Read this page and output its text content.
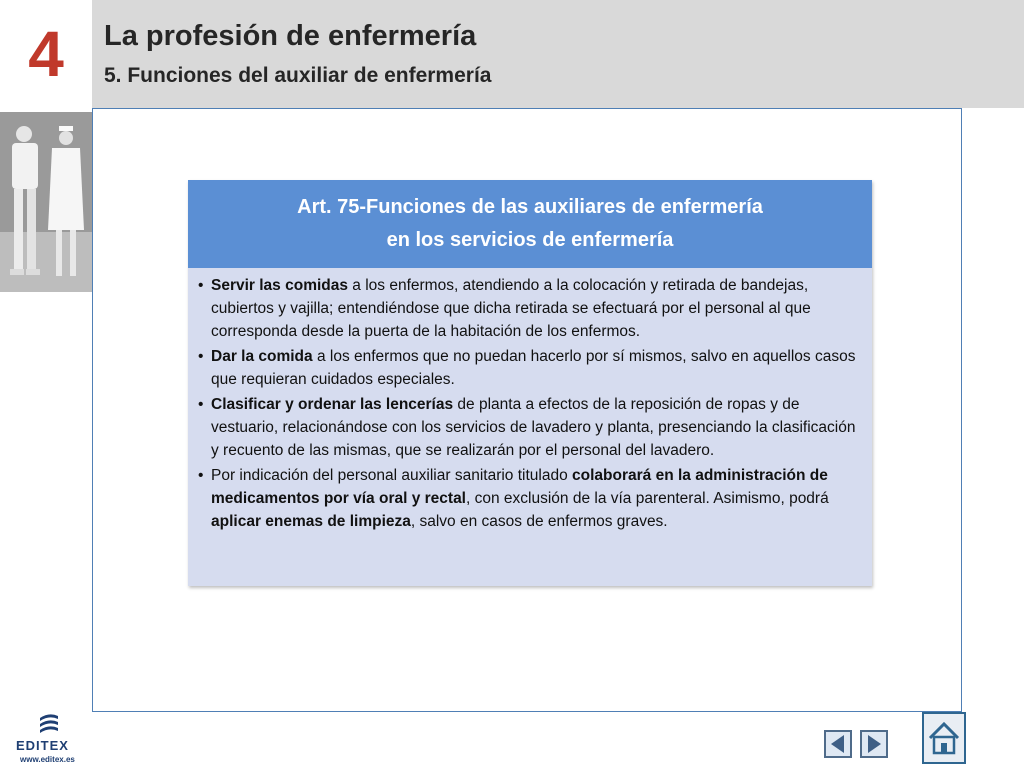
4	La profesión de enfermería
5. Funciones del auxiliar de enfermería
Art. 75-Funciones de las auxiliares de enfermería
en los servicios de enfermería
• Servir las comidas a los enfermos, atendiendo a la colocación y retirada de bandejas, cubiertos y vajilla; entendiéndose que dicha retirada se efectuará por el personal al que corresponda desde la puerta de la habitación de los enfermos.
• Dar la comida a los enfermos que no puedan hacerlo por sí mismos, salvo en aquellos casos que requieran cuidados especiales.
• Clasificar y ordenar las lencerías de planta a efectos de la reposición de ropas y de vestuario, relacionándose con los servicios de lavadero y planta, presenciando la clasificación y recuento de las mismas, que se realizarán por el personal del lavadero.
• Por indicación del personal auxiliar sanitario titulado colaborará en la administración de medicamentos por vía oral y rectal, con exclusión de la vía parenteral. Asimismo, podrá aplicar enemas de limpieza, salvo en casos de enfermos graves.
EDITEX
www.editex.es
